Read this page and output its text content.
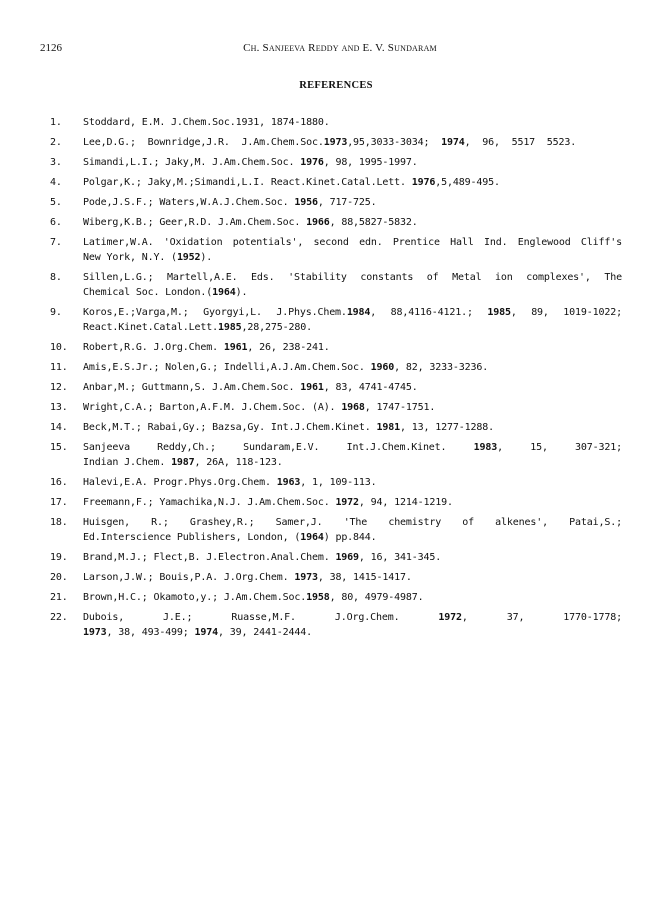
2126	Ch. Sanjeeva Reddy and E. V. Sundaram
REFERENCES
1. Stoddard, E.M. J.Chem.Soc.1931, 1874-1880.
2. Lee,D.G.;  Bownridge,J.R.  J.Am.Chem.Soc.1973,95,3033-3034;  1974,  96,  5517  5523.
3. Simandi,L.I.; Jaky,M. J.Am.Chem.Soc. 1976, 98, 1995-1997.
4. Polgar,K.; Jaky,M.;Simandi,L.I. React.Kinet.Catal.Lett. 1976,5,489-495.
5. Pode,J.S.F.; Waters,W.A.J.Chem.Soc. 1956, 717-725.
6. Wiberg,K.B.; Geer,R.D. J.Am.Chem.Soc. 1966, 88,5827-5832.
7. Latimer,W.A. 'Oxidation potentials', second edn. Prentice Hall Ind. Englewood Cliff's
New York, N.Y. (1952).
8. Sillen,L.G.; Martell,A.E. Eds. 'Stability constants of Metal ion complexes', The
Chemical Soc. London.(1964).
9. Koros,E.;Varga,M.; Gyorgyi,L. J.Phys.Chem.1984, 88,4116-4121.; 1985, 89, 1019-1022;
React.Kinet.Catal.Lett.1985,28,275-280.
10. Robert,R.G. J.Org.Chem. 1961, 26, 238-241.
11. Amis,E.S.Jr.; Nolen,G.; Indelli,A.J.Am.Chem.Soc. 1960, 82, 3233-3236.
12. Anbar,M.; Guttmann,S. J.Am.Chem.Soc. 1961, 83, 4741-4745.
13. Wright,C.A.; Barton,A.F.M. J.Chem.Soc. (A). 1968, 1747-1751.
14. Beck,M.T.; Rabai,Gy.; Bazsa,Gy. Int.J.Chem.Kinet. 1981, 13, 1277-1288.
15. Sanjeeva Reddy,Ch.; Sundaram,E.V. Int.J.Chem.Kinet. 1983, 15, 307-321;
Indian J.Chem. 1987, 26A, 118-123.
16. Halevi,E.A. Progr.Phys.Org.Chem. 1963, 1, 109-113.
17. Freemann,F.; Yamachika,N.J. J.Am.Chem.Soc. 1972, 94, 1214-1219.
18. Huisgen, R.; Grashey,R.; Samer,J. 'The chemistry of alkenes', Patai,S.;
Ed.Interscience Publishers, London, (1964) pp.844.
19. Brand,M.J.; Flect,B. J.Electron.Anal.Chem. 1969, 16, 341-345.
20. Larson,J.W.; Bouis,P.A. J.Org.Chem. 1973, 38, 1415-1417.
21. Brown,H.C.; Okamoto,y.; J.Am.Chem.Soc.1958, 80, 4979-4987.
22. Dubois, J.E.; Ruasse,M.F. J.Org.Chem. 1972, 37, 1770-1778;
1973, 38, 493-499; 1974, 39, 2441-2444.
